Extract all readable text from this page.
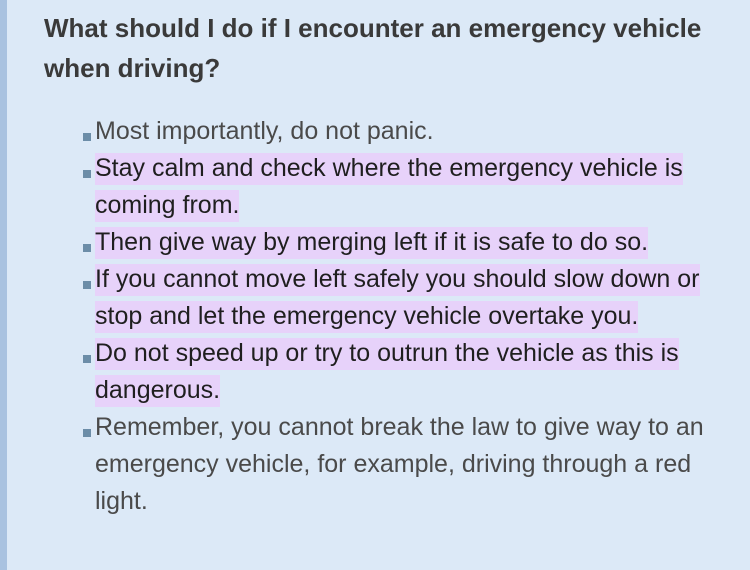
What should I do if I encounter an emergency vehicle when driving?
Most importantly, do not panic.
Stay calm and check where the emergency vehicle is coming from.
Then give way by merging left if it is safe to do so.
If you cannot move left safely you should slow down or stop and let the emergency vehicle overtake you.
Do not speed up or try to outrun the vehicle as this is dangerous.
Remember, you cannot break the law to give way to an emergency vehicle, for example, driving through a red light.
